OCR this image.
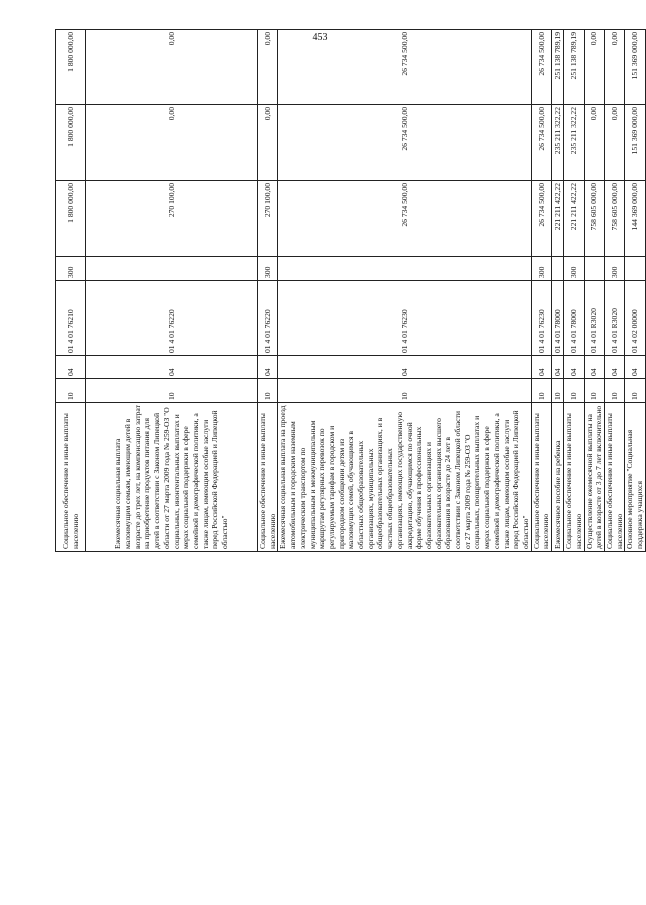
453
Социальное обеспечение и иные выплаты населению	10	04	01 4 01 76210	300	1 800 000,00	1 800 000,00	1 800 000,00
Ежемесячная социальная выплата малоимущим семьям, имеющим детей в возрасте до трех лет, на компенсацию затрат на приобретение продуктов питания для детей в соответствии с Законом Липецкой области от 27 марта 2009 года № 259-ОЗ "О социальных, инонтентальных выплатах и мерах социальной поддержки в сфере семейной и демографической политики, а также лицам, имеющим особые заслуги перед Российской Федерацией и Липецкой областью"	10	04	01 4 01 76220		270 100,00	0,00	0,00
Социальное обеспечение и иные выплаты населению	10	04	01 4 01 76220	300	270 100,00	0,00	0,00
Ежемесячная социальная выплата на проезд автомобильным и городским наземным электрическим транспортом по муниципальным и межмуниципальным маршрутам регулярных перевозок по регулируемым тарифам в городском и пригородном сообщении детям из малоимущих семей, обучающимся в областных общеобразовательных организациях, муниципальных общеобразовательных организациях, и в частных общеобразовательных организациях, имеющих государственную аккредитацию, обучающимся по очной форме обучения в профессиональных образовательных организациях и образовательных организациях высшего образования в возрасте до 24 лет в соответствии с Законом Липецкой области от 27 марта 2009 года № 259-ОЗ "О социальных, поощрительных выплатах и мерах социальной поддержки в сфере семейной и демографической политики, а также лицам, имеющим особые заслуги перед Российской Федерацией и Липецкой областью"	10	04	01 4 01 76230		26 734 500,00	26 734 500,00	26 734 500,00
Социальное обеспечение и иные выплаты населению	10	04	01 4 01 76230	300	26 734 500,00	26 734 500,00	26 734 500,00
Ежемесячное пособие на ребенка	10	04	01 4 01 78000		221 211 422,22	235 211 322,22	251 138 789,19
Социальное обеспечение и иные выплаты населению	10	04	01 4 01 78000	300	221 211 422,22	235 211 322,22	251 138 789,19
Осуществление ежемесячной выплаты на детей в возрасте от 3 до 7 лет включительно	10	04	01 4 01 R3020		758 605 000,00	0,00	0,00
Социальное обеспечение и иные выплаты населению	10	04	01 4 01 R3020	300	758 605 000,00	0,00	0,00
Основное мероприятие "Социальная поддержка учащихся	10	04	01 4 02 00000		144 369 000,00	151 369 000,00	151 369 000,00
